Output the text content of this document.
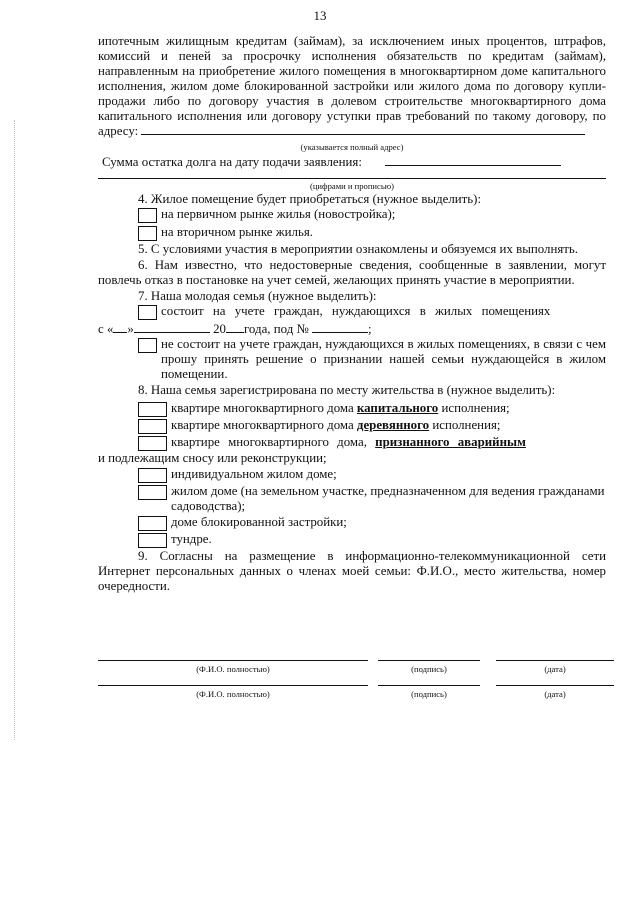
13

ипотечным жилищным кредитам (займам), за исключением иных процентов, штрафов, комиссий и пеней за просрочку исполнения обязательств по кредитам (займам), направленным на приобретение жилого помещения в многоквартирном доме капитального исполнения, жилом доме блокированной застройки или жилого дома по договору купли-продажи либо по договору участия в долевом строительстве многоквартирного дома капитального исполнения или договору уступки прав требований по такому договору, по адресу:

(указывается полный адрес)

Сумма остатка долга на дату подачи заявления:

(цифрами и прописью)

4. Жилое помещение будет приобретаться (нужное выделить):

на первичном рынке жилья (новостройка);
на вторичном рынке жилья.

5. С условиями участия в мероприятии ознакомлены и обязуемся их выполнять.

6. Нам известно, что недостоверные сведения, сообщенные в заявлении, могут повлечь отказ в постановке на учет семей, желающих принять участие в мероприятии.

7. Наша молодая семья (нужное выделить):

состоит на учете граждан, нуждающихся в жилых помещениях

с « »	20 года, под №	;

не состоит на учете граждан, нуждающихся в жилых помещениях, в связи с чем прошу принять решение о признании нашей семьи нуждающейся в жилом помещении.

8. Наша семья зарегистрирована по месту жительства в (нужное выделить):

квартире многоквартирного дома капитального исполнения;
квартире многоквартирного дома деревянного исполнения;
квартире многоквартирного дома, признанного аварийным

и подлежащим сносу или реконструкции;

индивидуальном жилом доме;
жилом доме (на земельном участке, предназначенном для ведения гражданами садоводства);
доме блокированной застройки;
тундре.

9. Согласны на размещение в информационно-телекоммуникационной сети Интернет персональных данных о членах моей семьи: Ф.И.О., место жительства, номер очередности.

(Ф.И.О. полностью)	(подпись)	(дата)
(Ф.И.О. полностью)	(подпись)	(дата)
